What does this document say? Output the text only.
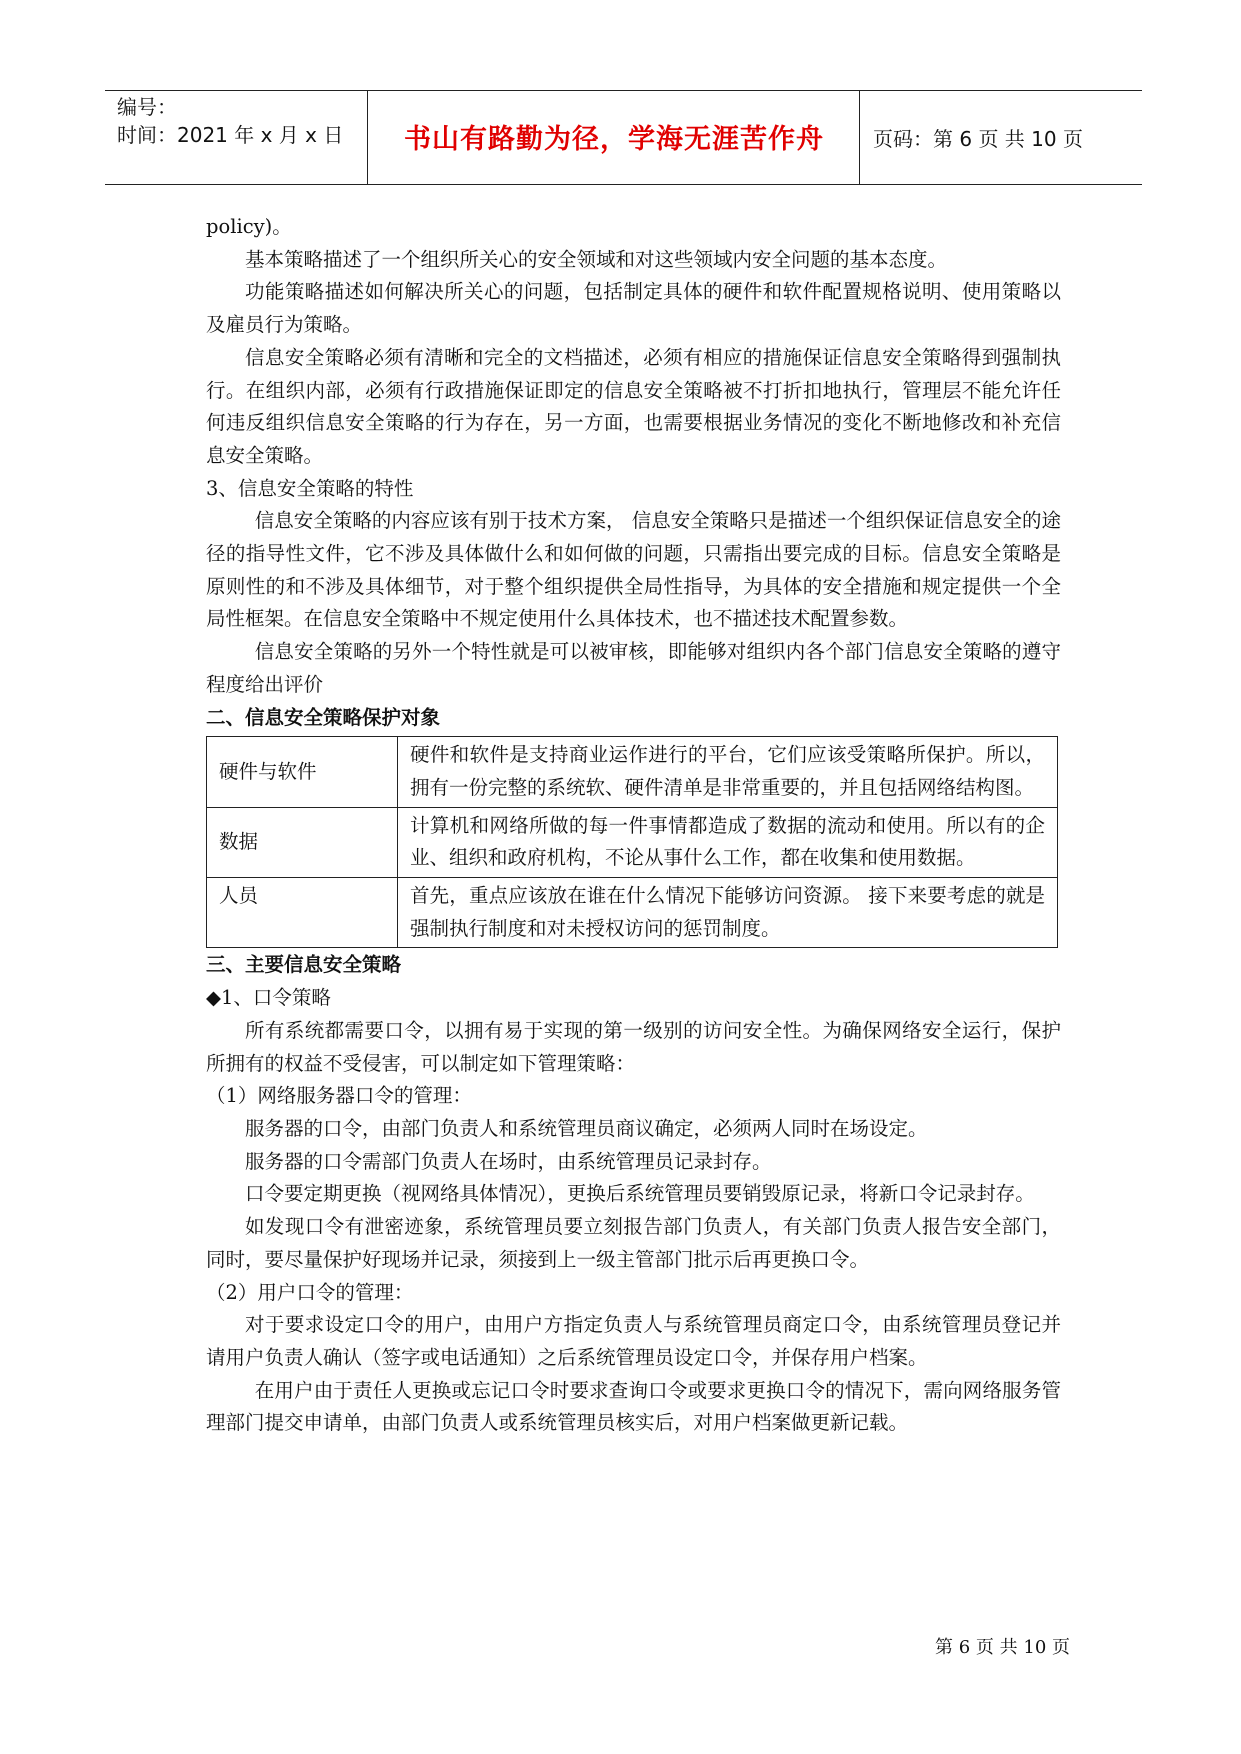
编号：
时间：2021 年 x 月 x 日	书山有路勤为径，学海无涯苦作舟	页码：第 6 页 共 10 页

policy)。

基本策略描述了一个组织所关心的安全领域和对这些领域内安全问题的基本态度。

功能策略描述如何解决所关心的问题，包括制定具体的硬件和软件配置规格说明、使用策略以及雇员行为策略。

信息安全策略必须有清晰和完全的文档描述，必须有相应的措施保证信息安全策略得到强制执行。在组织内部，必须有行政措施保证即定的信息安全策略被不打折扣地执行，管理层不能允许任何违反组织信息安全策略的行为存在，另一方面，也需要根据业务情况的变化不断地修改和补充信息安全策略。

3、信息安全策略的特性

信息安全策略的内容应该有别于技术方案， 信息安全策略只是描述一个组织保证信息安全的途径的指导性文件，它不涉及具体做什么和如何做的问题，只需指出要完成的目标。信息安全策略是原则性的和不涉及具体细节，对于整个组织提供全局性指导，为具体的安全措施和规定提供一个全局性框架。在信息安全策略中不规定使用什么具体技术，也不描述技术配置参数。

信息安全策略的另外一个特性就是可以被审核，即能够对组织内各个部门信息安全策略的遵守程度给出评价

二、信息安全策略保护对象

硬件与软件	硬件和软件是支持商业运作进行的平台，它们应该受策略所保护。所以，拥有一份完整的系统软、硬件清单是非常重要的，并且包括网络结构图。
数据	计算机和网络所做的每一件事情都造成了数据的流动和使用。所以有的企业、组织和政府机构，不论从事什么工作，都在收集和使用数据。
人员	首先，重点应该放在谁在什么情况下能够访问资源。 接下来要考虑的就是强制执行制度和对未授权访问的惩罚制度。

三、主要信息安全策略

◆1、口令策略

所有系统都需要口令，以拥有易于实现的第一级别的访问安全性。为确保网络安全运行，保护所拥有的权益不受侵害，可以制定如下管理策略：

（1）网络服务器口令的管理：

服务器的口令，由部门负责人和系统管理员商议确定，必须两人同时在场设定。

服务器的口令需部门负责人在场时，由系统管理员记录封存。

口令要定期更换（视网络具体情况），更换后系统管理员要销毁原记录，将新口令记录封存。

如发现口令有泄密迹象，系统管理员要立刻报告部门负责人，有关部门负责人报告安全部门，同时，要尽量保护好现场并记录，须接到上一级主管部门批示后再更换口令。

（2）用户口令的管理：

对于要求设定口令的用户，由用户方指定负责人与系统管理员商定口令，由系统管理员登记并请用户负责人确认（签字或电话通知）之后系统管理员设定口令，并保存用户档案。

在用户由于责任人更换或忘记口令时要求查询口令或要求更换口令的情况下，需向网络服务管理部门提交申请单，由部门负责人或系统管理员核实后，对用户档案做更新记载。

第 6 页 共 10 页
